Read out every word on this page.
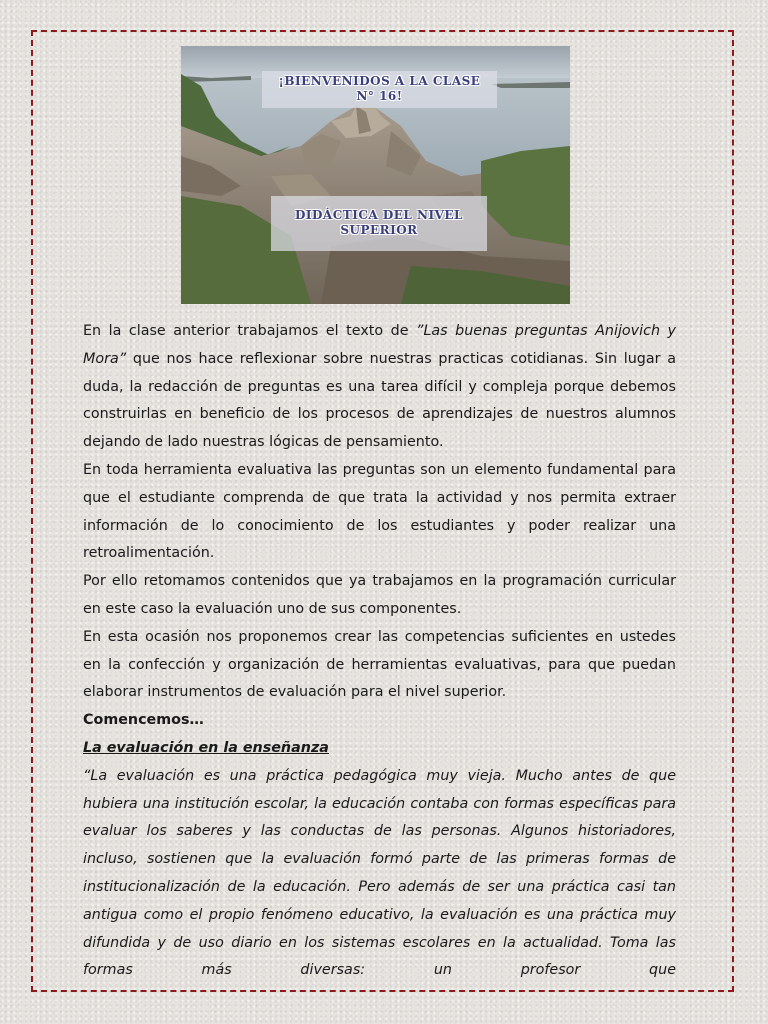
¡BIENVENIDOS A LA CLASE
N° 16!
DIDÁCTICA DEL NIVEL
SUPERIOR

En la clase anterior trabajamos el texto de ”Las buenas preguntas Anijovich y Mora” que nos hace reflexionar sobre nuestras practicas cotidianas. Sin lugar a duda, la redacción de preguntas es una tarea difícil y compleja porque debemos construirlas en beneficio de los procesos de aprendizajes de nuestros alumnos dejando de lado nuestras lógicas de pensamiento.

En toda herramienta evaluativa las preguntas son un elemento fundamental para que el estudiante comprenda de que trata la actividad y nos permita extraer información de lo conocimiento de los estudiantes y poder realizar una retroalimentación.

Por ello retomamos contenidos que ya trabajamos en la programación curricular en este caso la evaluación uno de sus componentes.

En esta ocasión nos proponemos crear las competencias suficientes en ustedes en la confección y organización de herramientas evaluativas, para que puedan elaborar instrumentos de evaluación para el nivel superior.

Comencemos…

La evaluación en la enseñanza

“La evaluación es una práctica pedagógica muy vieja. Mucho antes de que hubiera una institución escolar, la educación contaba con formas específicas para evaluar los saberes y las conductas de las personas. Algunos historiadores, incluso, sostienen que la evaluación formó parte de las primeras formas de institucionalización de la educación. Pero además de ser una práctica casi tan antigua como el propio fenómeno educativo, la evaluación es una práctica muy difundida y de uso diario en los sistemas escolares en la actualidad. Toma las formas más diversas: un profesor que
